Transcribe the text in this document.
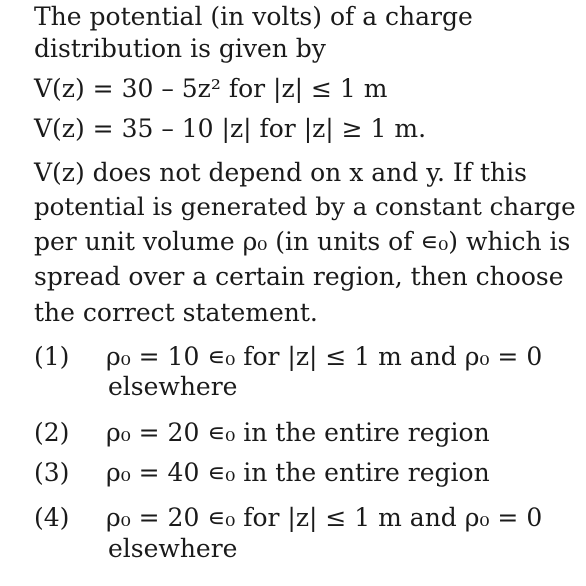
The potential (in volts) of a charge
distribution is given by
V(z) = 30 – 5z² for |z| ≤ 1 m
V(z) = 35 – 10 |z| for |z| ≥ 1 m.
V(z) does not depend on x and y. If this
potential is generated by a constant charge
per unit volume ρ₀ (in units of ∊₀) which is
spread over a certain region, then choose
the correct statement.
(1) ρ₀ = 10 ∊₀ for |z| ≤ 1 m and ρ₀ = 0
elsewhere
(2) ρ₀ = 20 ∊₀ in the entire region
(3) ρ₀ = 40 ∊₀ in the entire region
(4) ρ₀ = 20 ∊₀ for |z| ≤ 1 m and ρ₀ = 0
elsewhere
